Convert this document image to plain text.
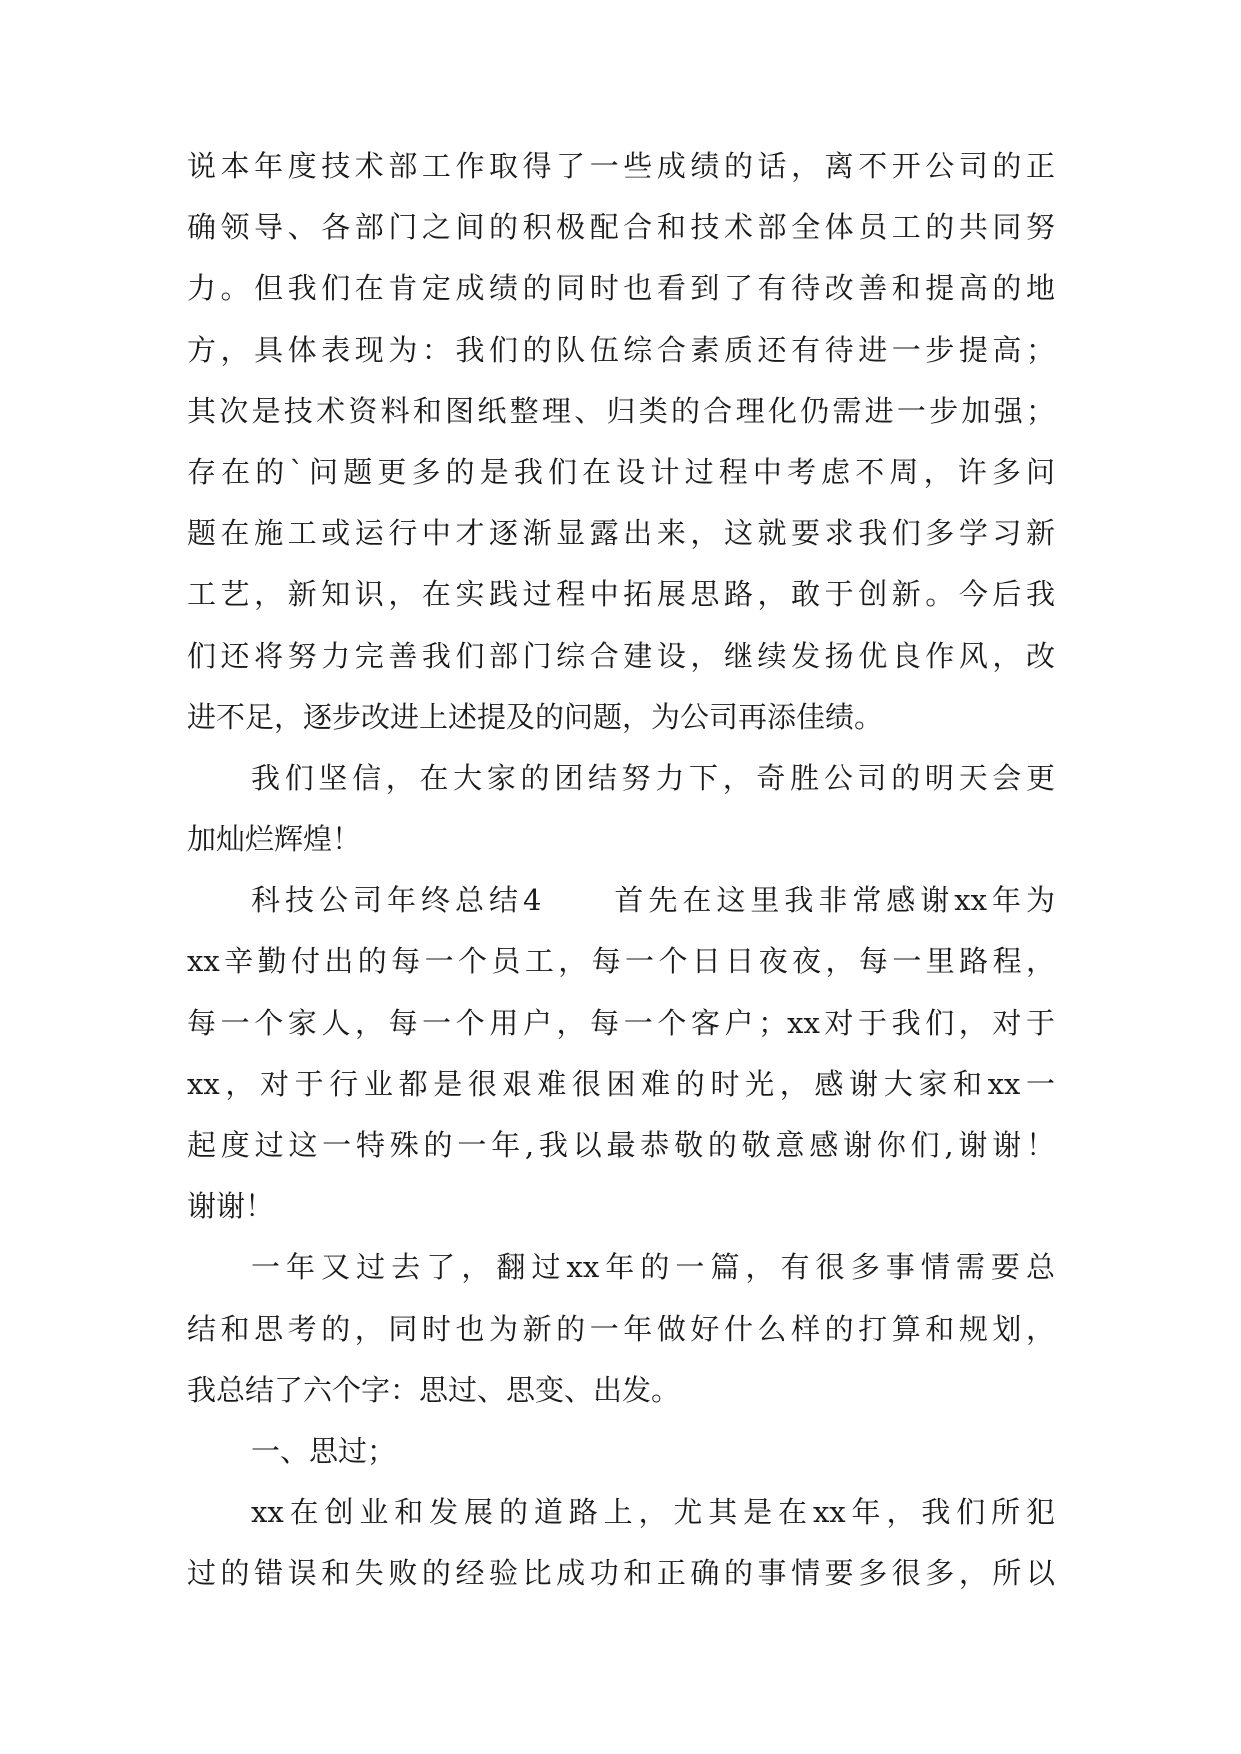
说本年度技术部工作取得了一些成绩的话，离不开公司的正
确领导、各部门之间的积极配合和技术部全体员工的共同努
力。但我们在肯定成绩的同时也看到了有待改善和提高的地
方，具体表现为：我们的队伍综合素质还有待进一步提高；
其次是技术资料和图纸整理、归类的合理化仍需进一步加强；
存在的`问题更多的是我们在设计过程中考虑不周，许多问
题在施工或运行中才逐渐显露出来，这就要求我们多学习新
工艺，新知识，在实践过程中拓展思路，敢于创新。今后我
们还将努力完善我们部门综合建设，继续发扬优良作风，改
进不足，逐步改进上述提及的问题，为公司再添佳绩。
我们坚信，在大家的团结努力下，奇胜公司的明天会更
加灿烂辉煌！
科技公司年终总结4　　首先在这里我非常感谢xx年为
xx辛勤付出的每一个员工，每一个日日夜夜，每一里路程，
每一个家人，每一个用户，每一个客户；xx对于我们，对于
xx，对于行业都是很艰难很困难的时光，感谢大家和xx一
起度过这一特殊的一年,我以最恭敬的敬意感谢你们,谢谢！
谢谢！
一年又过去了，翻过xx年的一篇，有很多事情需要总
结和思考的，同时也为新的一年做好什么样的打算和规划，
我总结了六个字：思过、思变、出发。
一、思过；
xx在创业和发展的道路上，尤其是在xx年，我们所犯
过的错误和失败的经验比成功和正确的事情要多很多，所以
